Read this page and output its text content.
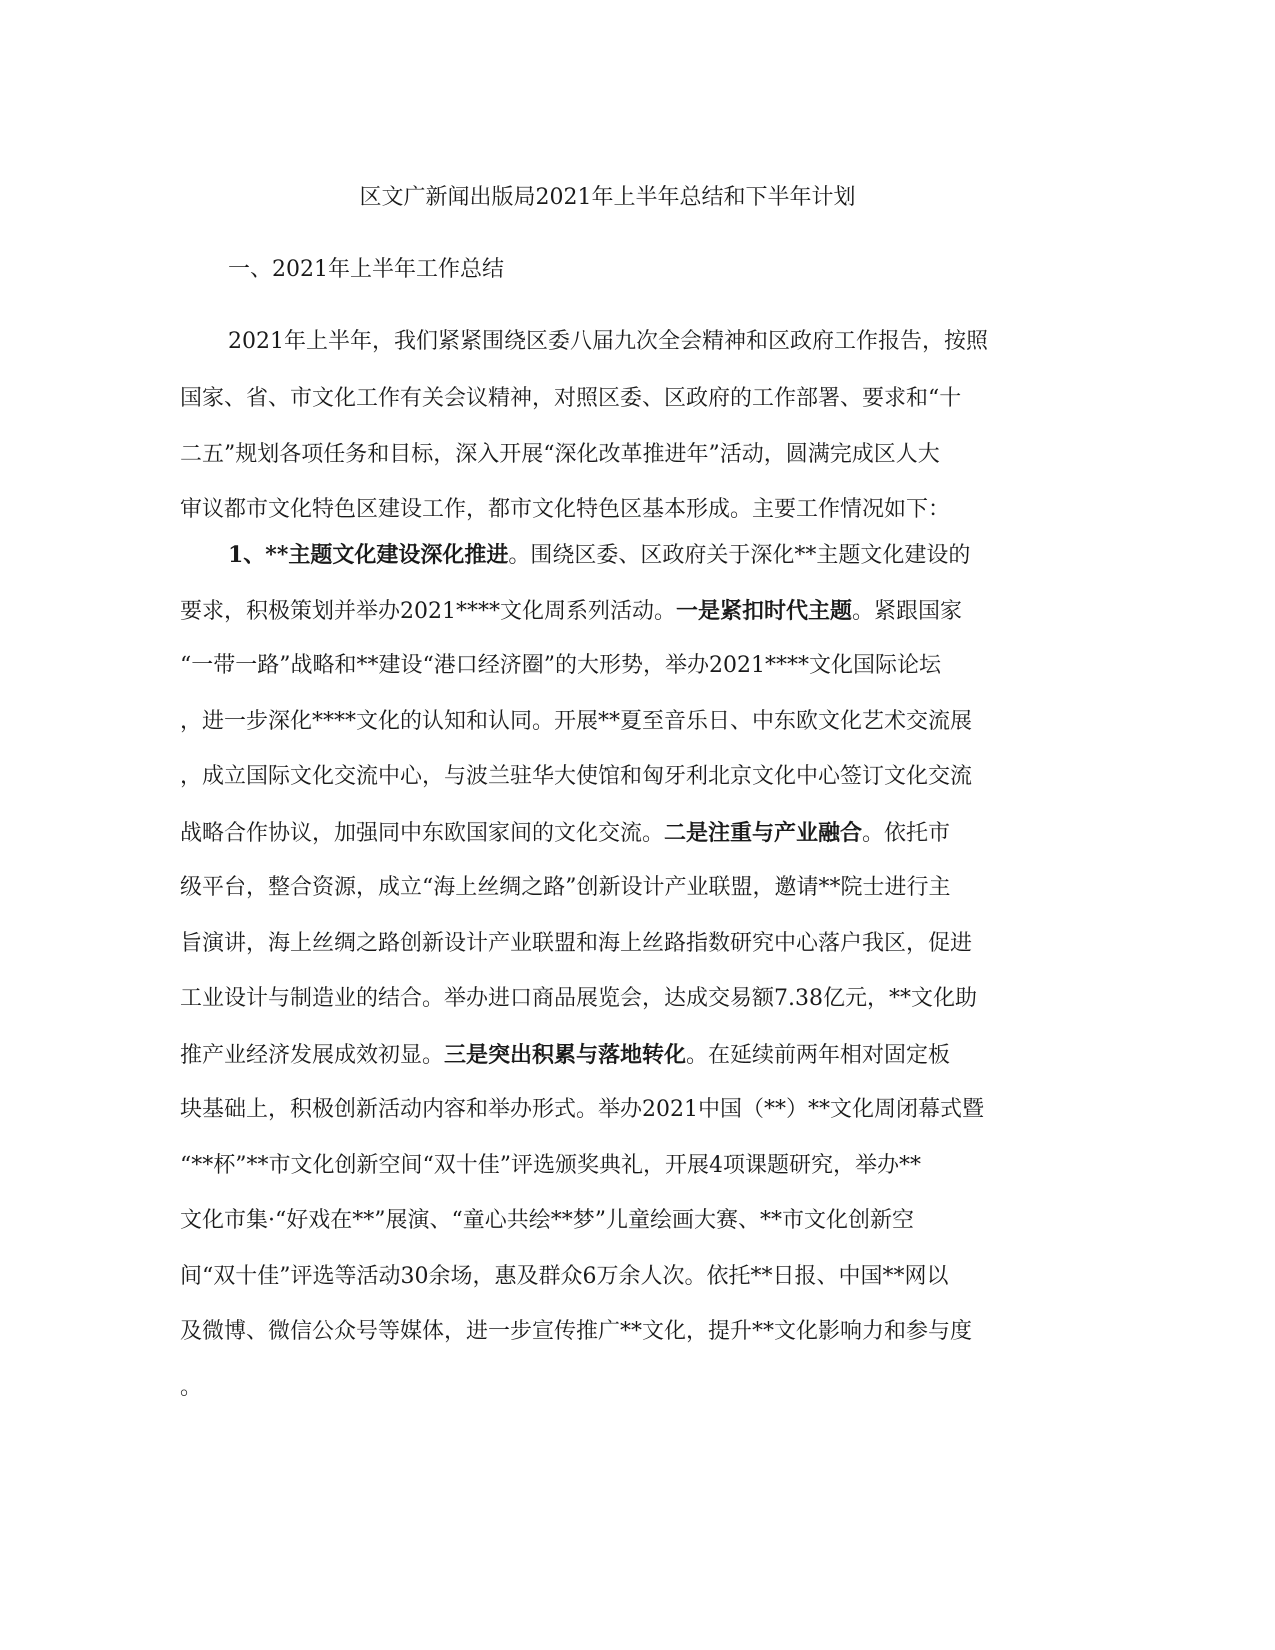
区文广新闻出版局2021年上半年总结和下半年计划
一、2021年上半年工作总结
2021年上半年，我们紧紧围绕区委八届九次全会精神和区政府工作报告，按照
国家、省、市文化工作有关会议精神，对照区委、区政府的工作部署、要求和“十
二五”规划各项任务和目标，深入开展“深化改革推进年”活动，圆满完成区人大
审议都市文化特色区建设工作，都市文化特色区基本形成。主要工作情况如下：
1、**主题文化建设深化推进。围绕区委、区政府关于深化**主题文化建设的
要求，积极策划并举办2021****文化周系列活动。一是紧扣时代主题。紧跟国家
“一带一路”战略和**建设“港口经济圈”的大形势，举办2021****文化国际论坛
，进一步深化****文化的认知和认同。开展**夏至音乐日、中东欧文化艺术交流展
，成立国际文化交流中心，与波兰驻华大使馆和匈牙利北京文化中心签订文化交流
战略合作协议，加强同中东欧国家间的文化交流。二是注重与产业融合。依托市
级平台，整合资源，成立“海上丝绸之路”创新设计产业联盟，邀请**院士进行主
旨演讲，海上丝绸之路创新设计产业联盟和海上丝路指数研究中心落户我区，促进
工业设计与制造业的结合。举办进口商品展览会，达成交易额7.38亿元，**文化助
推产业经济发展成效初显。三是突出积累与落地转化。在延续前两年相对固定板
块基础上，积极创新活动内容和举办形式。举办2021中国（**）**文化周闭幕式暨
“**杯”**市文化创新空间“双十佳”评选颁奖典礼，开展4项课题研究，举办**
文化市集·“好戏在**”展演、“童心共绘**梦”儿童绘画大赛、**市文化创新空
间“双十佳”评选等活动30余场，惠及群众6万余人次。依托**日报、中国**网以
及微博、微信公众号等媒体，进一步宣传推广**文化，提升**文化影响力和参与度
。
